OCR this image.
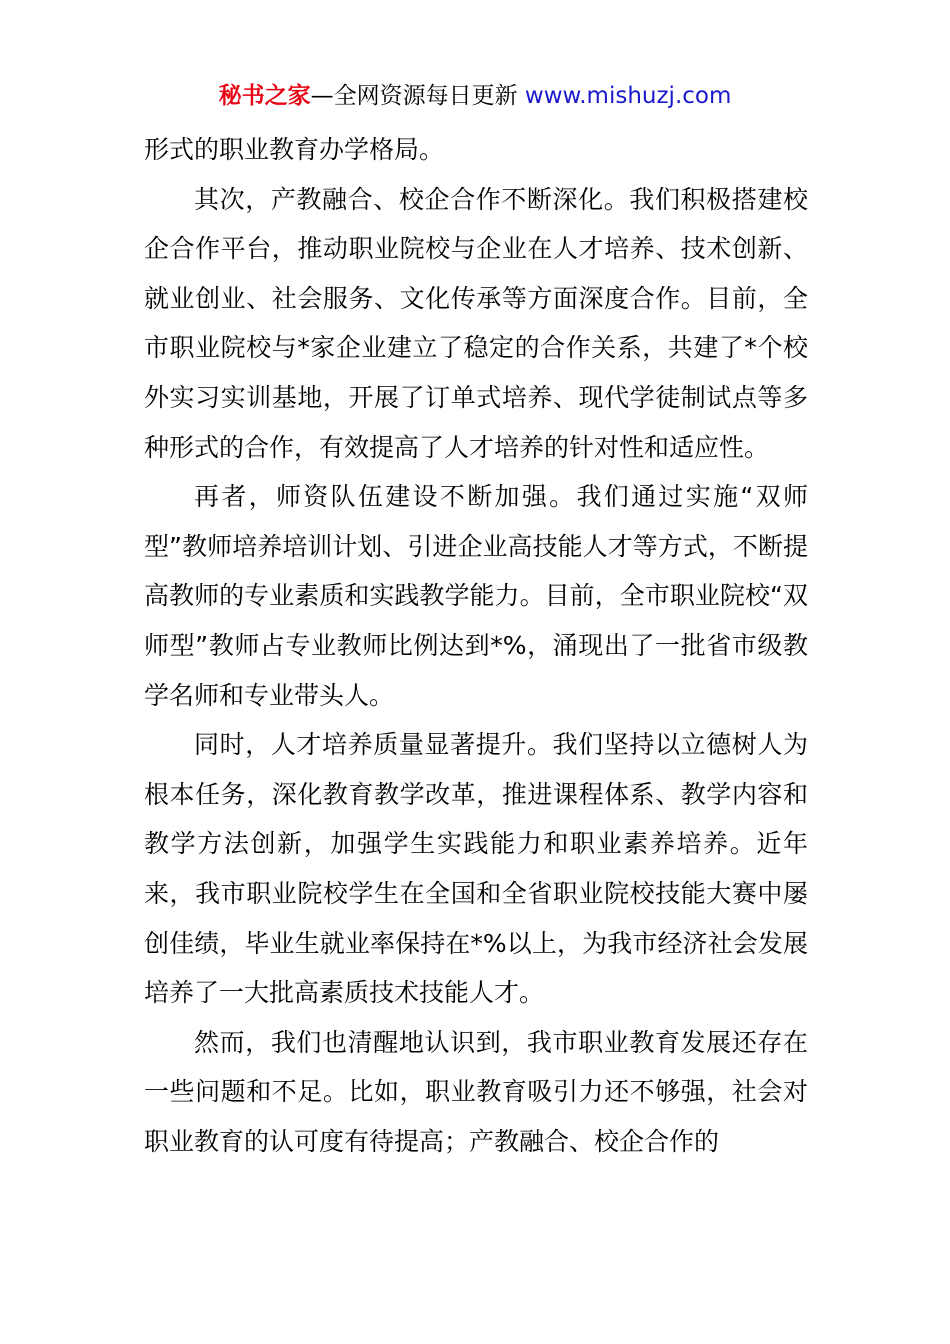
秘书之家—全网资源每日更新 www.mishuzj.com

形式的职业教育办学格局。

其次，产教融合、校企合作不断深化。我们积极搭建校企合作平台，推动职业院校与企业在人才培养、技术创新、就业创业、社会服务、文化传承等方面深度合作。目前，全市职业院校与*家企业建立了稳定的合作关系，共建了*个校外实习实训基地，开展了订单式培养、现代学徒制试点等多种形式的合作，有效提高了人才培养的针对性和适应性。

再者，师资队伍建设不断加强。我们通过实施“双师型”教师培养培训计划、引进企业高技能人才等方式，不断提高教师的专业素质和实践教学能力。目前，全市职业院校“双师型”教师占专业教师比例达到*%，涌现出了一批省市级教学名师和专业带头人。

同时，人才培养质量显著提升。我们坚持以立德树人为根本任务，深化教育教学改革，推进课程体系、教学内容和教学方法创新，加强学生实践能力和职业素养培养。近年来，我市职业院校学生在全国和全省职业院校技能大赛中屡创佳绩，毕业生就业率保持在*%以上，为我市经济社会发展培养了一大批高素质技术技能人才。

然而，我们也清醒地认识到，我市职业教育发展还存在一些问题和不足。比如，职业教育吸引力还不够强，社会对职业教育的认可度有待提高；产教融合、校企合作的
